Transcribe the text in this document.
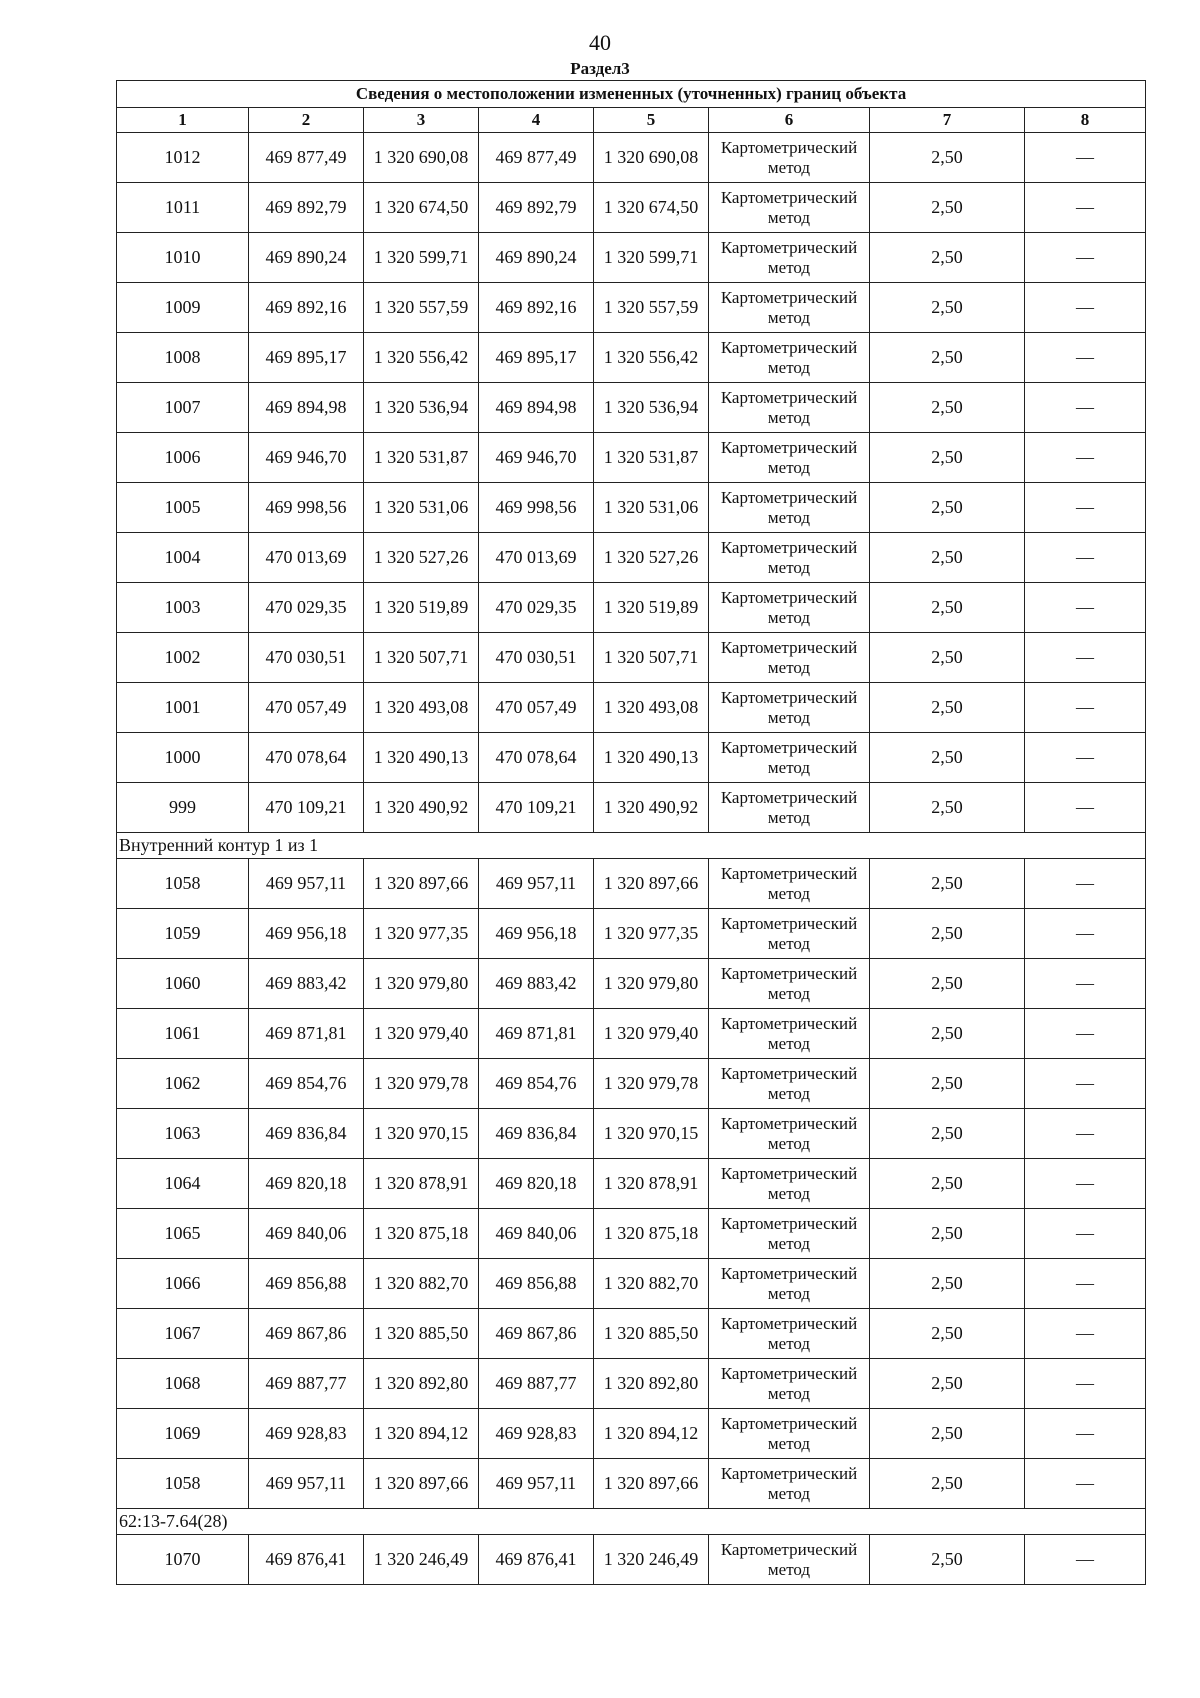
40
Раздел3
Сведения о местоположении измененных (уточненных) границ объекта							
1	2	3	4	5	6	7	8
1012	469 877,49	1 320 690,08	469 877,49	1 320 690,08	Картометрический метод	2,50	—
1011	469 892,79	1 320 674,50	469 892,79	1 320 674,50	Картометрический метод	2,50	—
1010	469 890,24	1 320 599,71	469 890,24	1 320 599,71	Картометрический метод	2,50	—
1009	469 892,16	1 320 557,59	469 892,16	1 320 557,59	Картометрический метод	2,50	—
1008	469 895,17	1 320 556,42	469 895,17	1 320 556,42	Картометрический метод	2,50	—
1007	469 894,98	1 320 536,94	469 894,98	1 320 536,94	Картометрический метод	2,50	—
1006	469 946,70	1 320 531,87	469 946,70	1 320 531,87	Картометрический метод	2,50	—
1005	469 998,56	1 320 531,06	469 998,56	1 320 531,06	Картометрический метод	2,50	—
1004	470 013,69	1 320 527,26	470 013,69	1 320 527,26	Картометрический метод	2,50	—
1003	470 029,35	1 320 519,89	470 029,35	1 320 519,89	Картометрический метод	2,50	—
1002	470 030,51	1 320 507,71	470 030,51	1 320 507,71	Картометрический метод	2,50	—
1001	470 057,49	1 320 493,08	470 057,49	1 320 493,08	Картометрический метод	2,50	—
1000	470 078,64	1 320 490,13	470 078,64	1 320 490,13	Картометрический метод	2,50	—
999	470 109,21	1 320 490,92	470 109,21	1 320 490,92	Картометрический метод	2,50	—
Внутренний контур 1 из 1							
1058	469 957,11	1 320 897,66	469 957,11	1 320 897,66	Картометрический метод	2,50	—
1059	469 956,18	1 320 977,35	469 956,18	1 320 977,35	Картометрический метод	2,50	—
1060	469 883,42	1 320 979,80	469 883,42	1 320 979,80	Картометрический метод	2,50	—
1061	469 871,81	1 320 979,40	469 871,81	1 320 979,40	Картометрический метод	2,50	—
1062	469 854,76	1 320 979,78	469 854,76	1 320 979,78	Картометрический метод	2,50	—
1063	469 836,84	1 320 970,15	469 836,84	1 320 970,15	Картометрический метод	2,50	—
1064	469 820,18	1 320 878,91	469 820,18	1 320 878,91	Картометрический метод	2,50	—
1065	469 840,06	1 320 875,18	469 840,06	1 320 875,18	Картометрический метод	2,50	—
1066	469 856,88	1 320 882,70	469 856,88	1 320 882,70	Картометрический метод	2,50	—
1067	469 867,86	1 320 885,50	469 867,86	1 320 885,50	Картометрический метод	2,50	—
1068	469 887,77	1 320 892,80	469 887,77	1 320 892,80	Картометрический метод	2,50	—
1069	469 928,83	1 320 894,12	469 928,83	1 320 894,12	Картометрический метод	2,50	—
1058	469 957,11	1 320 897,66	469 957,11	1 320 897,66	Картометрический метод	2,50	—
62:13-7.64(28)							
1070	469 876,41	1 320 246,49	469 876,41	1 320 246,49	Картометрический метод	2,50	—
